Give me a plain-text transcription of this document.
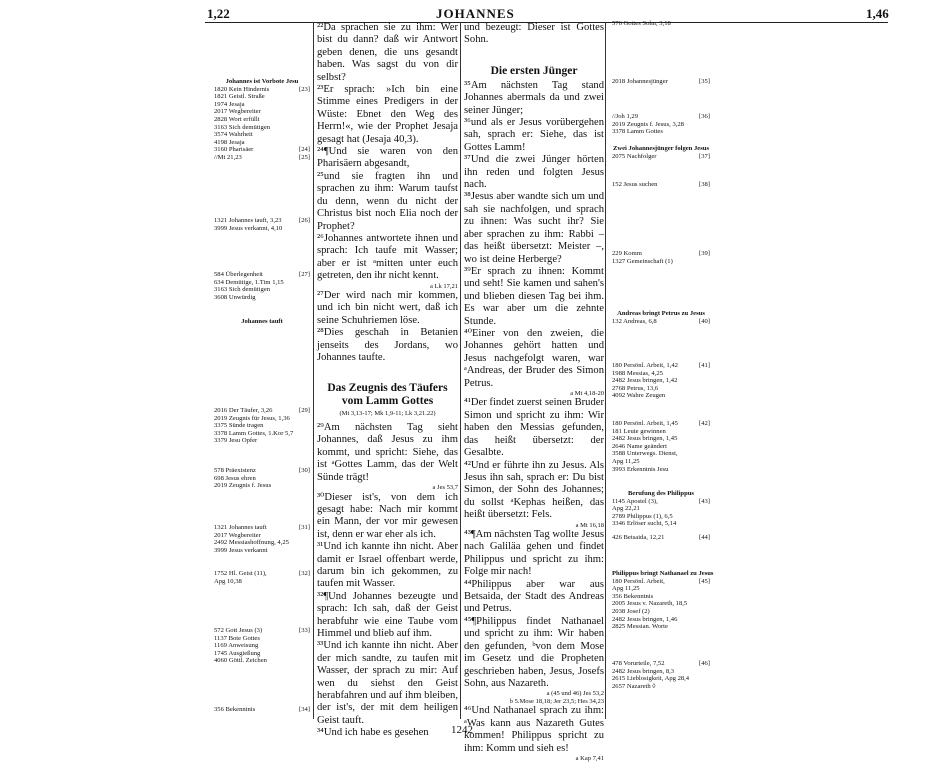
1,22	JOHANNES	1,46

²²Da sprachen sie zu ihm: Wer bist du dann? daß wir Antwort geben denen, die uns gesandt haben. Was sagst du von dir selbst?

²³Er sprach: »Ich bin eine Stimme eines Predigers in der Wüste: Ebnet den Weg des Herrn!«, wie der Prophet Jesaja gesagt hat (Jesaja 40,3).

²⁴¶Und sie waren von den Pharisäern abgesandt,

²⁵und sie fragten ihn und sprachen zu ihm: Warum taufst du denn, wenn du nicht der Christus bist noch Elia noch der Prophet?

²⁶Johannes antwortete ihnen und sprach: Ich taufe mit Wasser; aber er ist ᵃmitten unter euch getreten, den ihr nicht kennt.

a Lk 17,21

²⁷Der wird nach mir kommen, und ich bin nicht wert, daß ich seine Schuhriemen löse.

²⁸Dies geschah in Betanien jenseits des Jordans, wo Johannes taufte.

Das Zeugnis des Täufers vom Lamm Gottes
(Mt 3,13-17; Mk 1,9-11; Lk 3,21.22)

²⁹Am nächsten Tag sieht Johannes, daß Jesus zu ihm kommt, und spricht: Siehe, das ist ᵃGottes Lamm, das der Welt Sünde trägt!

a Jes 53,7

³⁰Dieser ist's, von dem ich gesagt habe: Nach mir kommt ein Mann, der vor mir gewesen ist, denn er war eher als ich.

³¹Und ich kannte ihn nicht. Aber damit er Israel offenbart werde, darum bin ich gekommen, zu taufen mit Wasser.

³²¶Und Johannes bezeugte und sprach: Ich sah, daß der Geist herabfuhr wie eine Taube vom Himmel und blieb auf ihm.

³³Und ich kannte ihn nicht. Aber der mich sandte, zu taufen mit Wasser, der sprach zu mir: Auf wen du siehst den Geist herabfahren und auf ihm bleiben, der ist's, der mit dem heiligen Geist tauft.

³⁴Und ich habe es gesehen

und bezeugt: Dieser ist Gottes Sohn.

Die ersten Jünger

³⁵Am nächsten Tag stand Johannes abermals da und zwei seiner Jünger;

³⁶und als er Jesus vorübergehen sah, sprach er: Siehe, das ist Gottes Lamm!

³⁷Und die zwei Jünger hörten ihn reden und folgten Jesus nach.

³⁸Jesus aber wandte sich um und sah sie nachfolgen, und sprach zu ihnen: Was sucht ihr? Sie aber sprachen zu ihm: Rabbi – das heißt übersetzt: Meister –, wo ist deine Herberge?

³⁹Er sprach zu ihnen: Kommt und seht! Sie kamen und sahen's und blieben diesen Tag bei ihm. Es war aber um die zehnte Stunde.

⁴⁰Einer von den zweien, die Johannes gehört hatten und Jesus nachgefolgt waren, war ᵃAndreas, der Bruder des Simon Petrus.

a Mt 4,18-20

⁴¹Der findet zuerst seinen Bruder Simon und spricht zu ihm: Wir haben den Messias gefunden, das heißt übersetzt: der Gesalbte.

⁴²Und er führte ihn zu Jesus. Als Jesus ihn sah, sprach er: Du bist Simon, der Sohn des Johannes; du sollst ᵃKephas heißen, das heißt übersetzt: Fels.

a Mt 16,18

⁴³¶Am nächsten Tag wollte Jesus nach Galiläa gehen und findet Philippus und spricht zu ihm: Folge mir nach!

⁴⁴Philippus aber war aus Betsaida, der Stadt des Andreas und Petrus.

⁴⁵¶Philippus findet Nathanael und spricht zu ihm: Wir haben den gefunden, ᵇvon dem Mose im Gesetz und die Propheten geschrieben haben, Jesus, Josefs Sohn, aus Nazareth.

a (45 und 46) Jes 53,2
b 5.Mose 18,18; Jer 23,5; Hes 34,23

⁴⁶Und Nathanael sprach zu ihm: ᵃWas kann aus Nazareth Gutes kommen! Philippus spricht zu ihm: Komm und sieh es!

a Kap 7,41
Johannes ist Vorbote Jesu
1820 Kein Hindernis	[23]
1821 Geistl. Straße
1974 Jesaja
2017 Wegbereiter
2828 Wort erfüllt
3163 Sich demütigen
3574 Wahrheit
4198 Jesaja
3160 Pharisäer	[24]
//Mt 21,23	[25]
1321 Johannes tauft, 3,23	[26]
3999 Jesus verkannt, 4,10
584 Überlegenheit	[27]
634 Demütige, 1.Tim 1,15
3163 Sich demütigen
3608 Unwürdig
Johannes tauft
2016 Der Täufer, 3,26	[29]
2019 Zeugnis für Jesus, 1,36
3375 Sünde tragen
3378 Lamm Gottes, 1.Kor 5,7
3379 Jesu Opfer
578 Präexistenz	[30]
698 Jesus ehren
2019 Zeugnis f. Jesus
1321 Johannes tauft	[31]
2017 Wegbereiter
2492 Messiashoffnung, 4,25
3999 Jesus verkannt
1752 Hl. Geist (11),	[32]
Apg 10,38
572 Gott Jesus (3)	[33]
1137 Bote Gottes
1169 Anweisung
1745 Ausgießung
4060 Göttl. Zeichen
356 Bekenntnis	[34]
576 Gottes Sohn, 3,18
2018 Johannesjünger	[35]
//Joh 1,29	[36]
2019 Zeugnis f. Jesus, 3,28
3378 Lamm Gottes
Zwei Johannesjünger folgen Jesus
2075 Nachfolger	[37]
152 Jesus suchen	[38]
229 Komm	[39]
1327 Gemeinschaft (1)
Andreas bringt Petrus zu Jesus
132 Andreas, 6,8	[40]
180 Persönl. Arbeit, 1,42	[41]
1988 Messias, 4,25
2482 Jesus bringen, 1,42
2768 Petrus, 13,6
4092 Wahre Zeugen
180 Persönl. Arbeit, 1,45	[42]
181 Leute gewinnen
2482 Jesus bringen, 1,45
2646 Name geändert
3588 Unterwegs. Dienst,
Apg 11,25
3993 Erkenntnis Jesu
Berufung des Philippus
1145 Apostel (3),	[43]
Apg 22,21
2789 Philippus (1), 6,5
3346 Erlöser sucht, 5,14
426 Betsaida, 12,21	[44]
Philippus bringt Nathanael zu Jesus
180 Persönl. Arbeit,	[45]
Apg 11,25
356 Bekenntnis
2005 Jesus v. Nazareth, 18,5
2038 Josef (2)
2482 Jesus bringen, 1,46
2825 Messian. Worte
478 Vorurteile, 7,52	[46]
2482 Jesus bringen, 8,3
2615 Lieblosigkeit, Apg 28,4
2657 Nazareth ◊
1242
